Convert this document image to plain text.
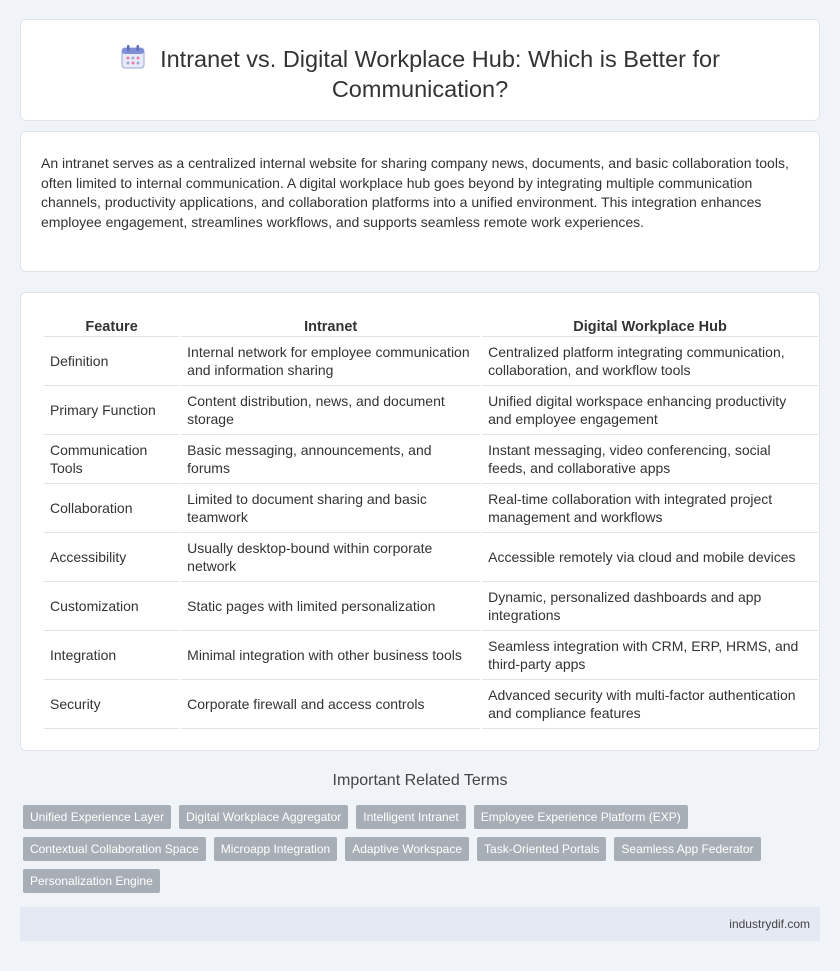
Intranet vs. Digital Workplace Hub: Which is Better for Communication?

An intranet serves as a centralized internal website for sharing company news, documents, and basic collaboration tools, often limited to internal communication. A digital workplace hub goes beyond by integrating multiple communication channels, productivity applications, and collaboration platforms into a unified environment. This integration enhances employee engagement, streamlines workflows, and supports seamless remote work experiences.

Feature	Intranet	Digital Workplace Hub
Definition	Internal network for employee communication and information sharing	Centralized platform integrating communication, collaboration, and workflow tools
Primary Function	Content distribution, news, and document storage	Unified digital workspace enhancing productivity and employee engagement
Communication Tools	Basic messaging, announcements, and forums	Instant messaging, video conferencing, social feeds, and collaborative apps
Collaboration	Limited to document sharing and basic teamwork	Real-time collaboration with integrated project management and workflows
Accessibility	Usually desktop-bound within corporate network	Accessible remotely via cloud and mobile devices
Customization	Static pages with limited personalization	Dynamic, personalized dashboards and app integrations
Integration	Minimal integration with other business tools	Seamless integration with CRM, ERP, HRMS, and third-party apps
Security	Corporate firewall and access controls	Advanced security with multi-factor authentication and compliance features
Important Related Terms
Unified Experience Layer	Digital Workplace Aggregator	Intelligent Intranet	Employee Experience Platform (EXP)
Contextual Collaboration Space	Microapp Integration	Adaptive Workspace	Task-Oriented Portals	Seamless App Federator
Personalization Engine
industrydif.com
